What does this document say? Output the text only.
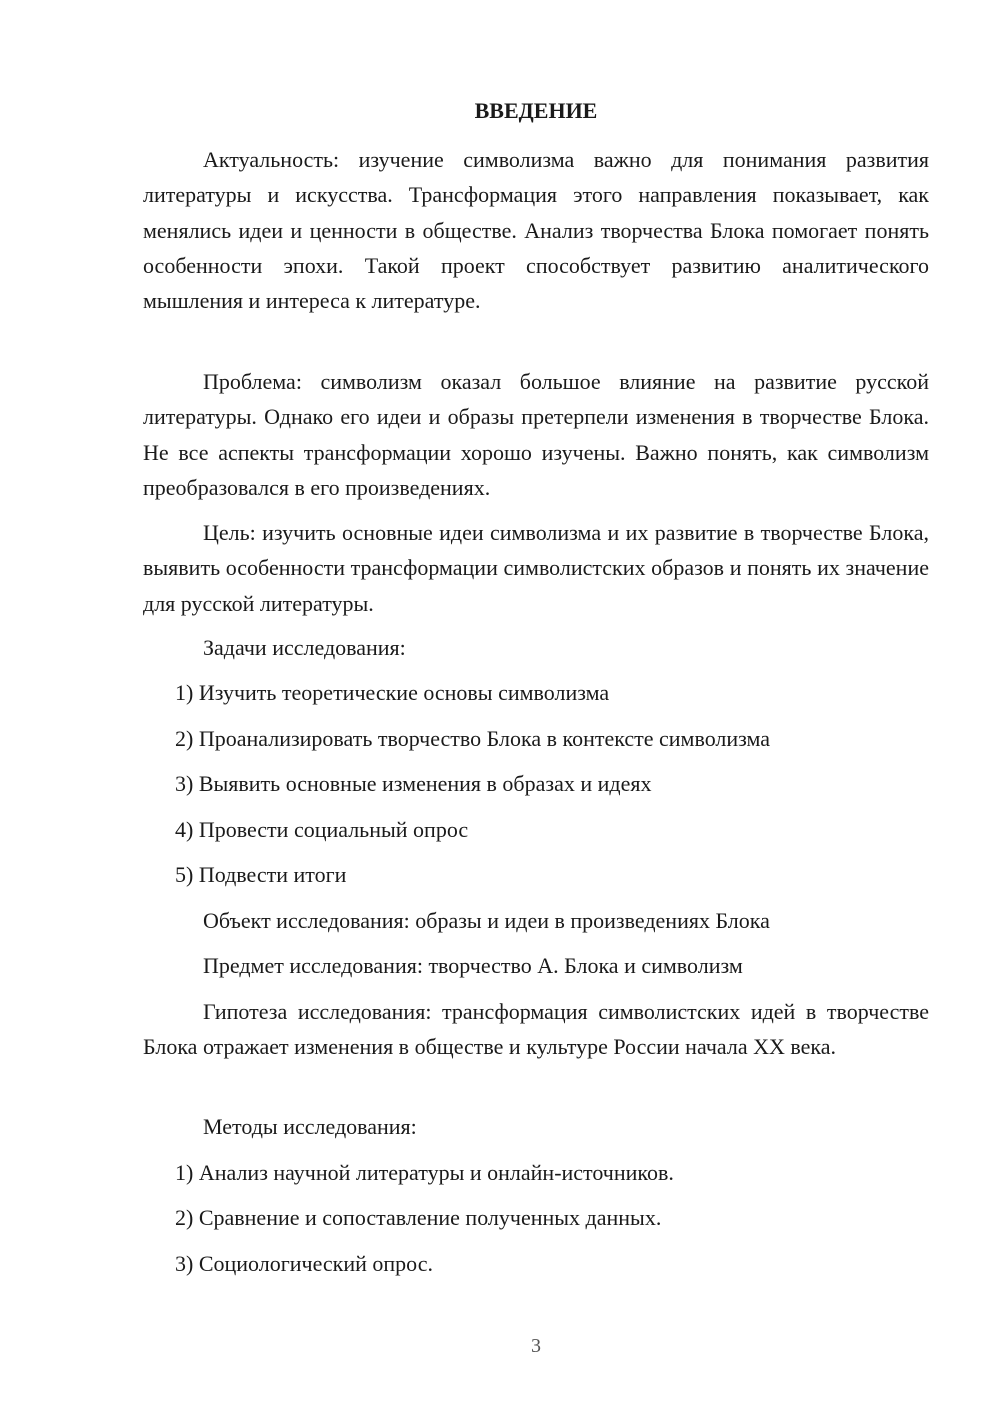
ВВЕДЕНИЕ

Актуальность: изучение символизма важно для понимания развития литературы и искусства. Трансформация этого направления показывает, как менялись идеи и ценности в обществе. Анализ творчества Блока помогает понять особенности эпохи. Такой проект способствует развитию аналитического мышления и интереса к литературе.

Проблема: символизм оказал большое влияние на развитие русской литературы. Однако его идеи и образы претерпели изменения в творчестве Блока. Не все аспекты трансформации хорошо изучены. Важно понять, как символизм преобразовался в его произведениях.

Цель: изучить основные идеи символизма и их развитие в творчестве Блока, выявить особенности трансформации символистских образов и понять их значение для русской литературы.

Задачи исследования:

1) Изучить теоретические основы символизма

2) Проанализировать творчество Блока в контексте символизма

3) Выявить основные изменения в образах и идеях

4) Провести социальный опрос

5) Подвести итоги

Объект исследования: образы и идеи в произведениях Блока

Предмет исследования: творчество А. Блока и символизм

Гипотеза исследования: трансформация символистских идей в творчестве Блока отражает изменения в обществе и культуре России начала XX века.

Методы исследования:

1) Анализ научной литературы и онлайн-источников.

2) Сравнение и сопоставление полученных данных.

3) Социологический опрос.

3
